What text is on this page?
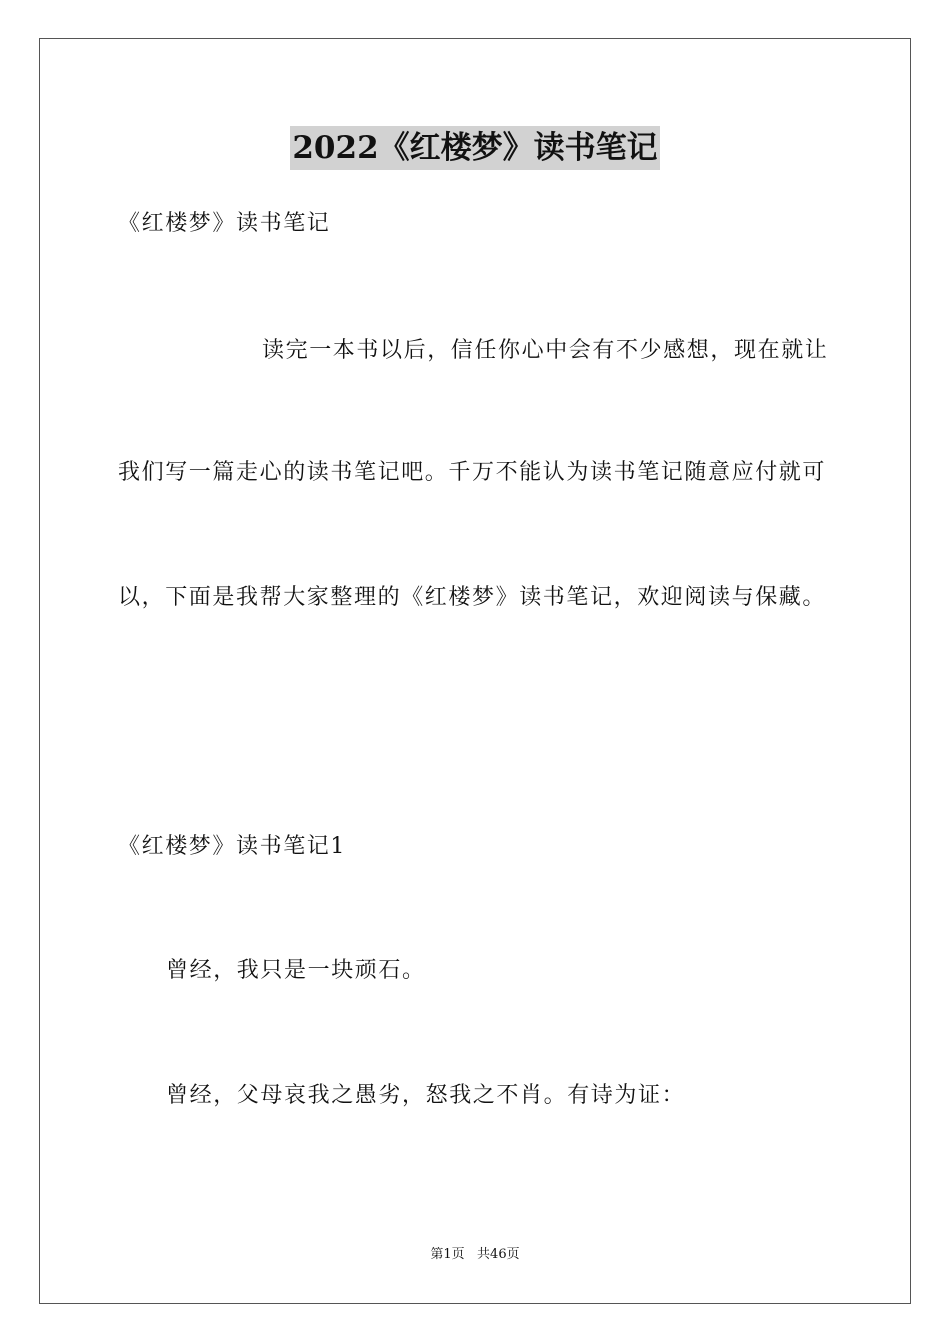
2022《红楼梦》读书笔记
《红楼梦》读书笔记
读完一本书以后，信任你心中会有不少感想，现在就让
我们写一篇走心的读书笔记吧。千万不能认为读书笔记随意应付就可
以，下面是我帮大家整理的《红楼梦》读书笔记，欢迎阅读与保藏。
《红楼梦》读书笔记1
曾经，我只是一块顽石。
曾经，父母哀我之愚劣，怒我之不肖。有诗为证：
第1页   共46页
